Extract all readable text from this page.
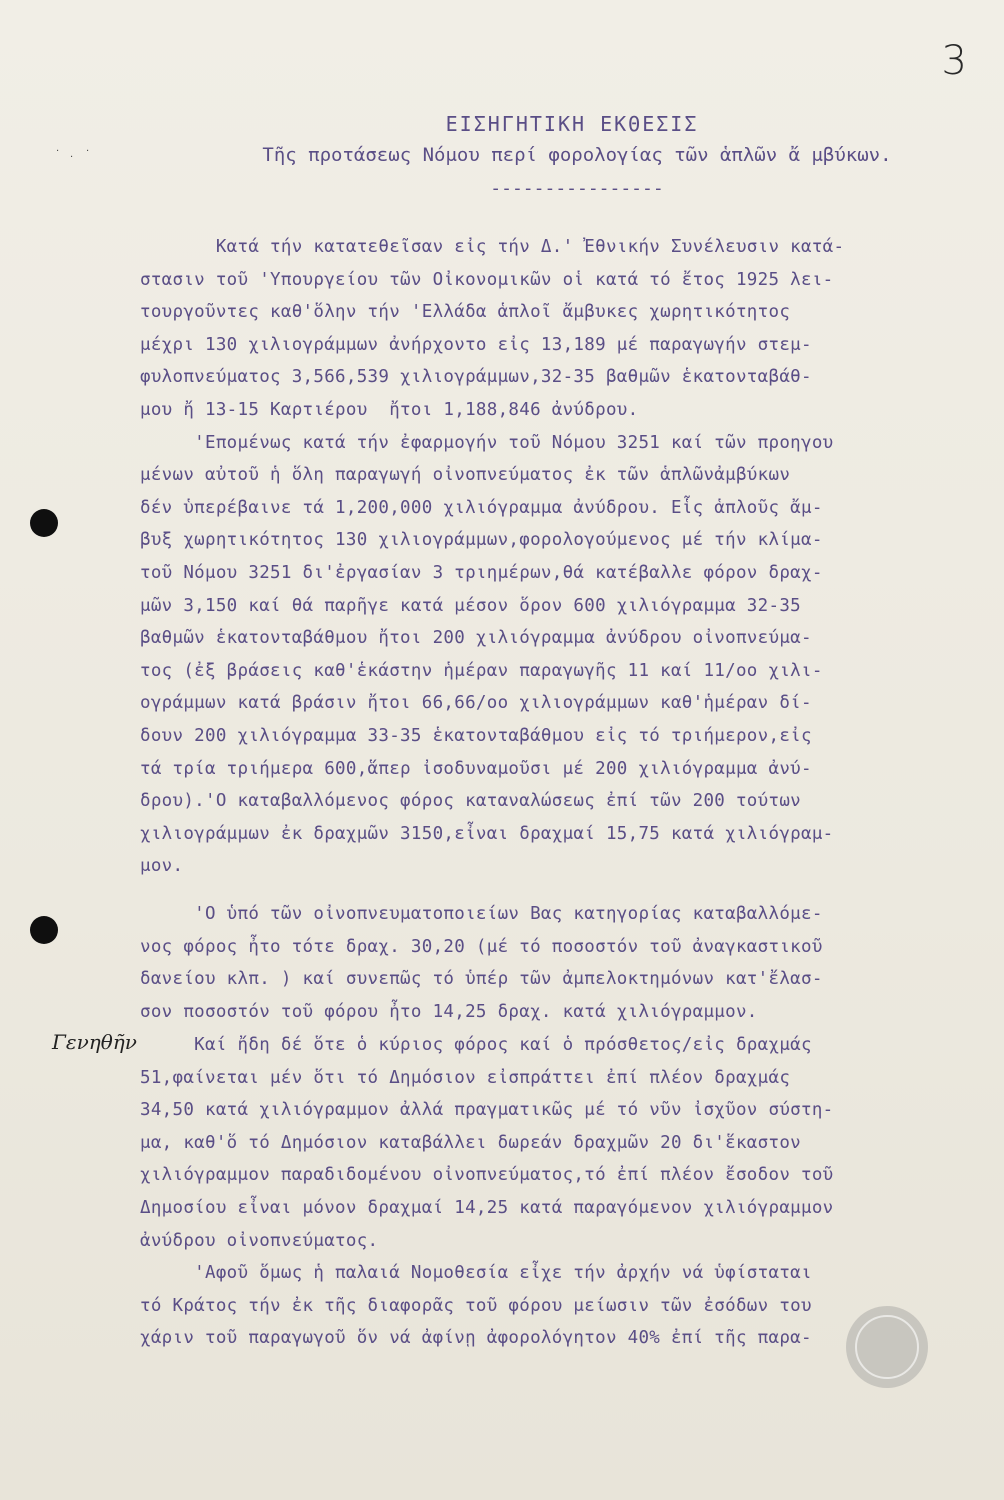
3
·
·
·
ΕΙΣΗΓΗΤΙΚΗ ΕΚΘΕΣΙΣ
Τῆς προτάσεως Νόμου περί φορολογίας τῶν ἁπλῶν ἄ μβύκων.
----------------
Κατά τήν κατατεθεῖσαν εἰς τήν Δ.' Ἐθνικήν Συνέλευσιν κατά-
στασιν τοῦ 'Υπουργείου τῶν Οἰκονομικῶν οἱ κατά τό ἔτος 1925 λει-
τουργοῦντες καθ'ὅλην τήν 'Ελλάδα ἁπλοῖ ἄμβυκες χωρητικότητος
μέχρι 130 χιλιογράμμων ἀνήρχοντο εἰς 13,189 μέ παραγωγήν στεμ-
φυλοπνεύματος 3,566,539 χιλιογράμμων,32-35 βαθμῶν ἑκατονταβάθ-
μου ἤ 13-15 Καρτιέρου  ἤτοι 1,188,846 ἀνύδρου.
'Επομένως κατά τήν ἐφαρμογήν τοῦ Νόμου 3251 καί τῶν προηγου
μένων αὐτοῦ ἡ ὅλη παραγωγή οἰνοπνεύματος ἐκ τῶν ἁπλῶνἀμβύκων
δέν ὑπερέβαινε τά 1,200,000 χιλιόγραμμα ἀνύδρου. Εἷς ἁπλοῦς ἄμ-
βυξ χωρητικότητος 130 χιλιογράμμων,φορολογούμενος μέ τήν κλίμα-
τοῦ Νόμου 3251 δι'ἐργασίαν 3 τριημέρων,θά κατέβαλλε φόρον δραχ-
μῶν 3,150 καί θά παρῆγε κατά μέσον ὅρον 600 χιλιόγραμμα 32-35
βαθμῶν ἑκατονταβάθμου ἤτοι 200 χιλιόγραμμα ἀνύδρου οἰνοπνεύμα-
τος (ἐξ βράσεις καθ'ἑκάστην ἡμέραν παραγωγῆς 11 καί 11/οο χιλι-
ογράμμων κατά βράσιν ἤτοι 66,66/οο χιλιογράμμων καθ'ἡμέραν δί-
δουν 200 χιλιόγραμμα 33-35 ἑκατονταβάθμου εἰς τό τριήμερον,εἰς
τά τρία τριήμερα 600,ἅπερ ἰσοδυναμοῦσι μέ 200 χιλιόγραμμα ἀνύ-
δρου).'Ο καταβαλλόμενος φόρος καταναλώσεως ἐπί τῶν 200 τούτων
χιλιογράμμων ἐκ δραχμῶν 3150,εἶναι δραχμαί 15,75 κατά χιλιόγραμ-
μον.
'Ο ὑπό τῶν οἰνοπνευματοποιείων Βας κατηγορίας καταβαλλόμε-
νος φόρος ἦτο τότε δραχ. 30,20 (μέ τό ποσοστόν τοῦ ἀναγκαστικοῦ
δανείου κλπ. ) καί συνεπῶς τό ὑπέρ τῶν ἀμπελοκτημόνων κατ'ἔλασ-
σον ποσοστόν τοῦ φόρου ἦτο 14,25 δραχ. κατά χιλιόγραμμον.
Καί ἤδη δέ ὅτε ὁ κύριος φόρος καί ὁ πρόσθετος/εἰς δραχμάς
51,φαίνεται μέν ὅτι τό Δημόσιον εἰσπράττει ἐπί πλέον δραχμάς
34,50 κατά χιλιόγραμμον ἀλλά πραγματικῶς μέ τό νῦν ἰσχῦον σύστη-
μα, καθ'ὅ τό Δημόσιον καταβάλλει δωρεάν δραχμῶν 20 δι'ἕκαστον
χιλιόγραμμον παραδιδομένου οἰνοπνεύματος,τό ἐπί πλέον ἔσοδον τοῦ
Δημοσίου εἶναι μόνον δραχμαί 14,25 κατά παραγόμενον χιλιόγραμμον
ἀνύδρου οἰνοπνεύματος.
'Αφοῦ ὅμως ἡ παλαιά Νομοθεσία εἶχε τήν ἀρχήν νά ὑφίσταται
τό Κράτος τήν ἐκ τῆς διαφορᾶς τοῦ φόρου μείωσιν τῶν ἐσόδων του
χάριν τοῦ παραγωγοῦ ὅν νά ἀφίνῃ ἀφορολόγητον 40% ἐπί τῆς παρα-
Γενηθῆν
